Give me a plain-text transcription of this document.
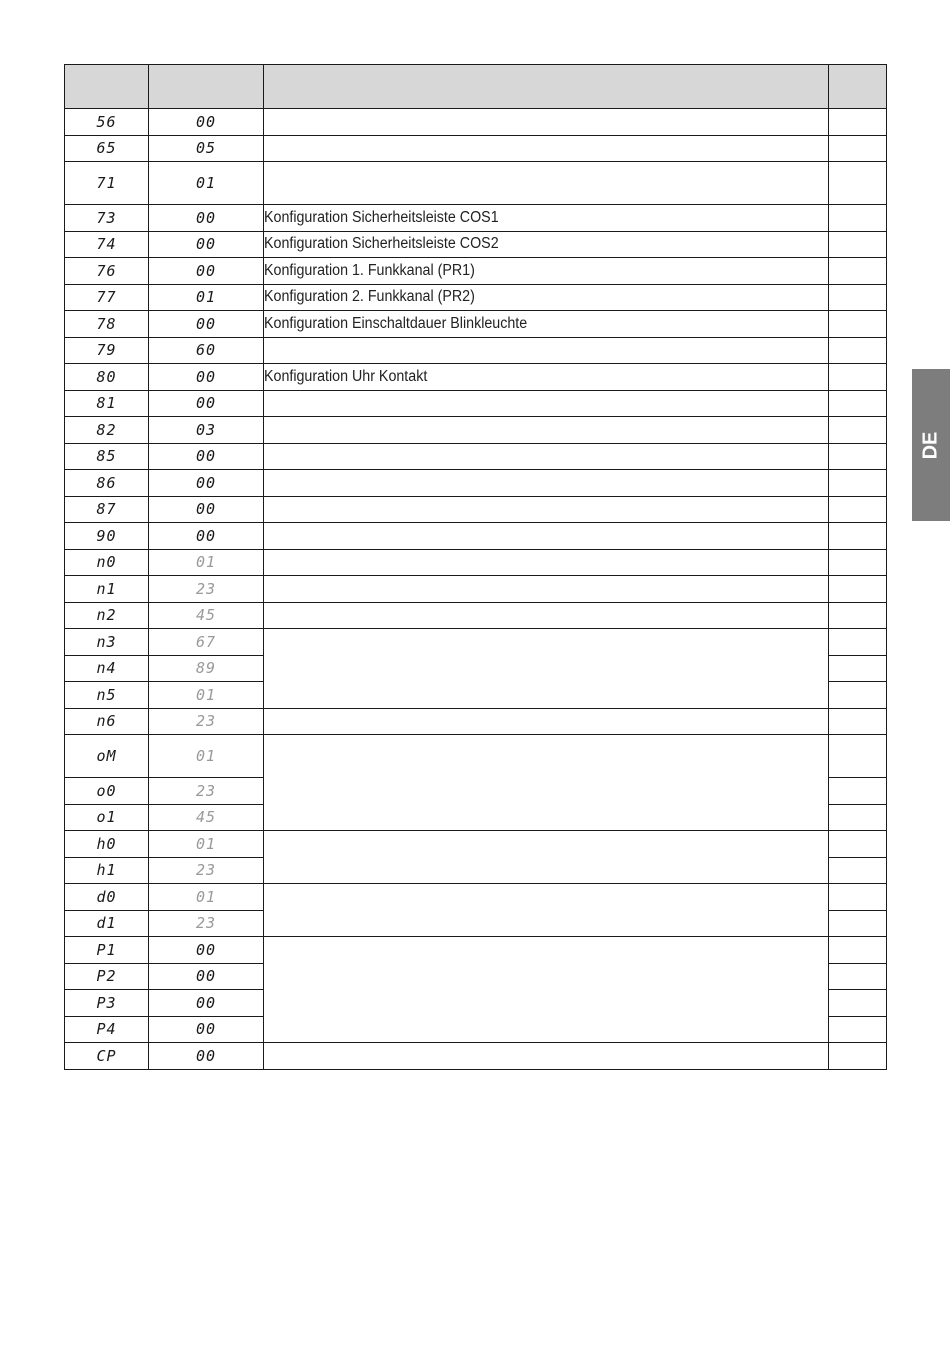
56	00		
65	05		
71	01		
73	00	Konfiguration Sicherheitsleiste COS1	
74	00	Konfiguration Sicherheitsleiste COS2	
76	00	Konfiguration 1. Funkkanal (PR1)	
77	01	Konfiguration 2. Funkkanal (PR2)	
78	00	Konfiguration Einschaltdauer Blinkleuchte	
79	60		
80	00	Konfiguration Uhr Kontakt	
81	00		
82	03		
85	00		
86	00		
87	00		
90	00		
n0	01		
n1	23		
n2	45		
n3	67		
n4	89		
n5	01		
n6	23		
oM	01		
o0	23		
o1	45		
h0	01		
h1	23		
d0	01		
d1	23		
P1	00		
P2	00		
P3	00		
P4	00		
CP	00		
DE
